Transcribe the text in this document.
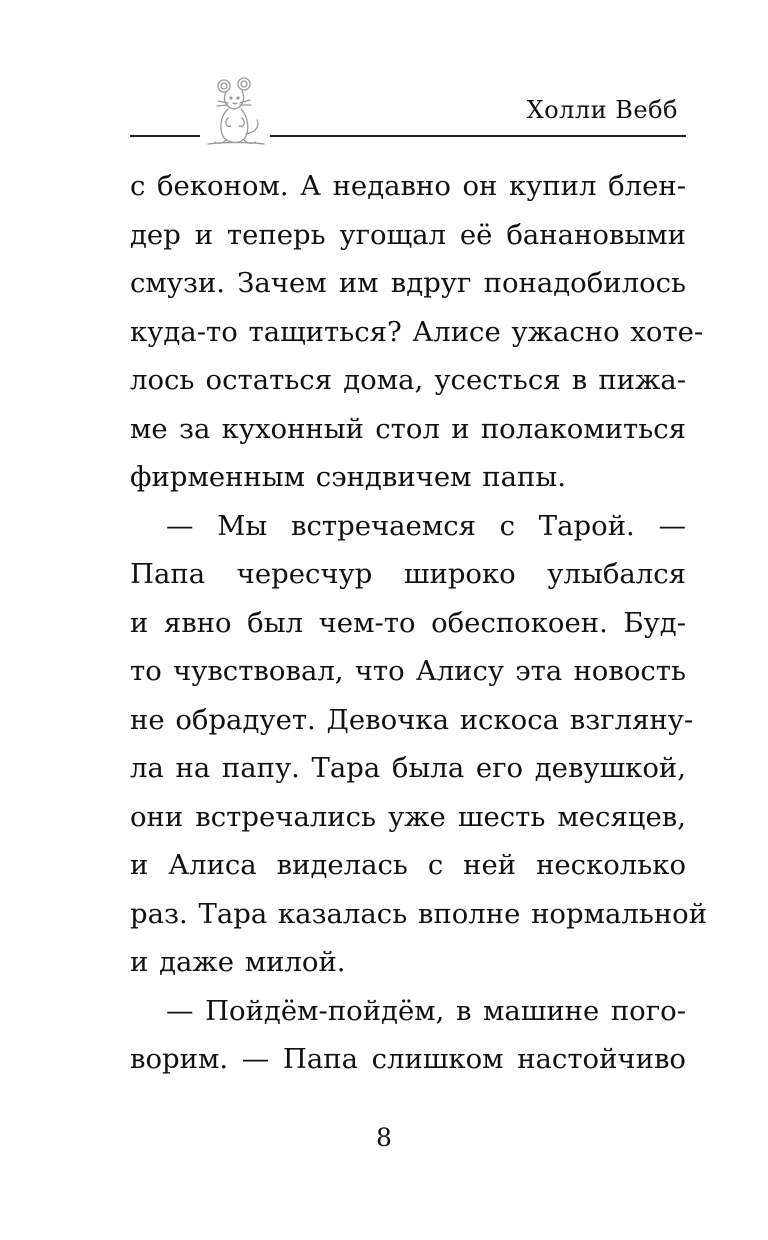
Холли Вебб
с беконом. А недавно он купил блен-
дер и теперь угощал её банановыми
смузи. Зачем им вдруг понадобилось
куда-то тащиться? Алисе ужасно хоте-
лось остаться дома, усесться в пижа-
ме за кухонный стол и полакомиться
фирменным сэндвичем папы.
— Мы встречаемся с Тарой. —
Папа чересчур широко улыбался
и явно был чем-то обеспокоен. Буд-
то чувствовал, что Алису эта новость
не обрадует. Девочка искоса взгляну-
ла на папу. Тара была его девушкой,
они встречались уже шесть месяцев,
и Алиса виделась с ней несколько
раз. Тара казалась вполне нормальной
и даже милой.
— Пойдём-пойдём, в машине пого-
ворим. — Папа слишком настойчиво
8
